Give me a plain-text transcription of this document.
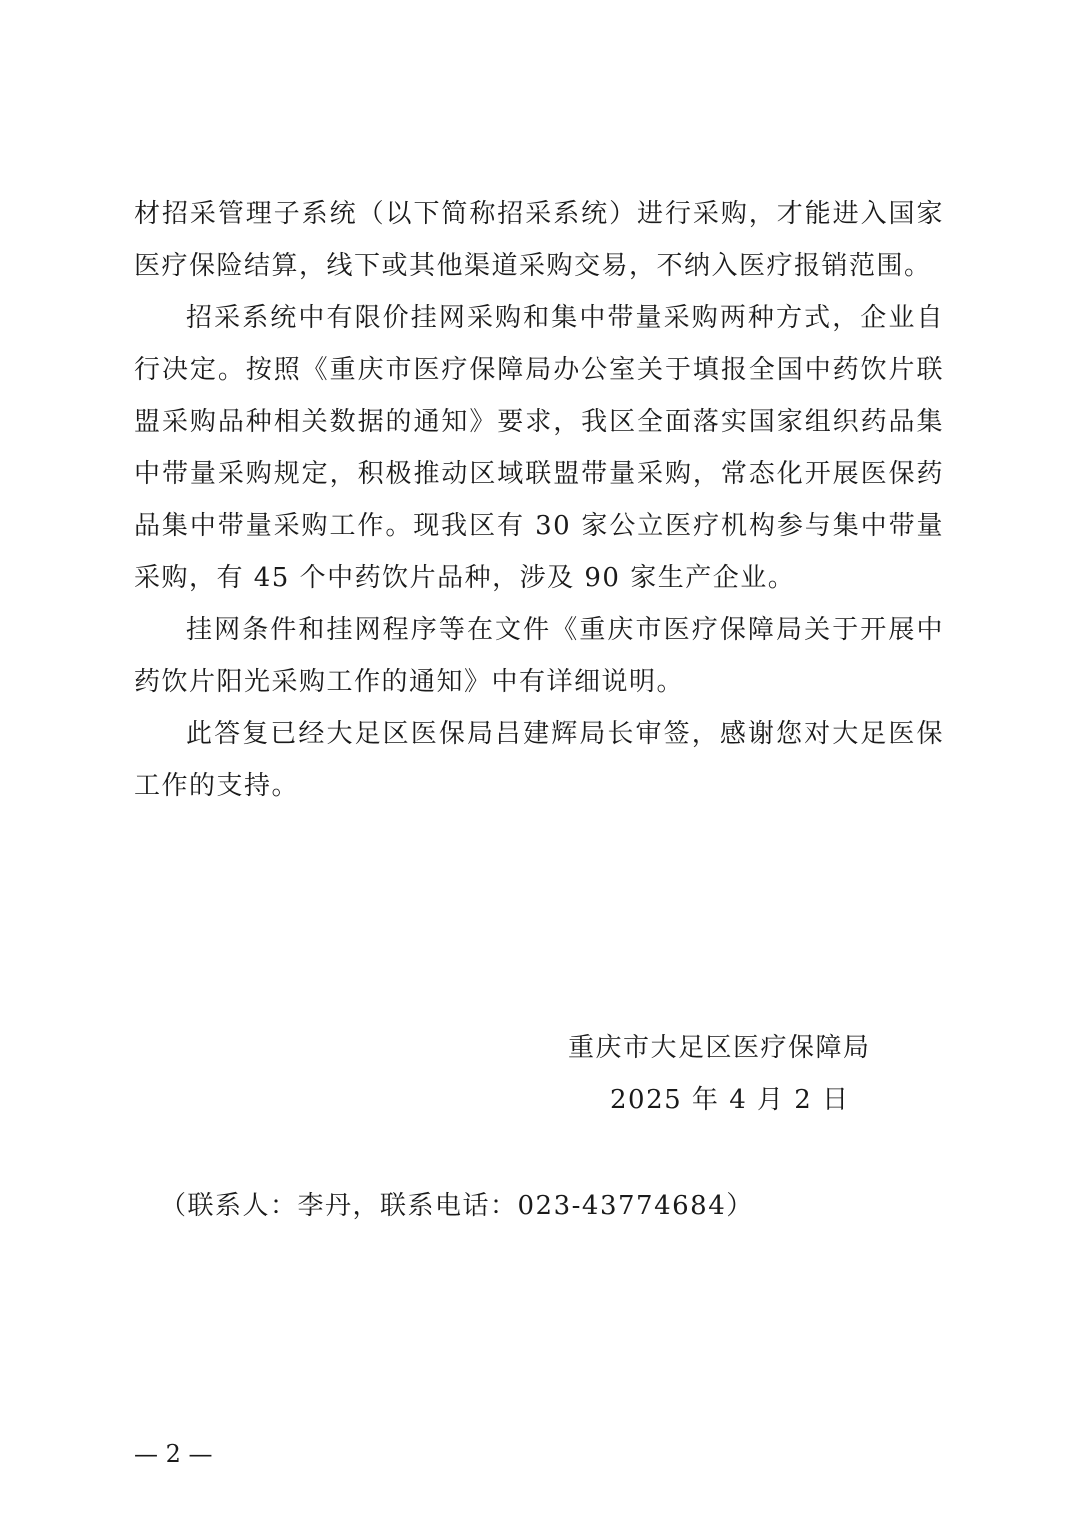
材招采管理子系统（以下简称招采系统）进行采购，才能进入国家医疗保险结算，线下或其他渠道采购交易，不纳入医疗报销范围。

招采系统中有限价挂网采购和集中带量采购两种方式，企业自行决定。按照《重庆市医疗保障局办公室关于填报全国中药饮片联盟采购品种相关数据的通知》要求，我区全面落实国家组织药品集中带量采购规定，积极推动区域联盟带量采购，常态化开展医保药品集中带量采购工作。现我区有 30 家公立医疗机构参与集中带量采购，有 45 个中药饮片品种，涉及 90 家生产企业。

挂网条件和挂网程序等在文件《重庆市医疗保障局关于开展中药饮片阳光采购工作的通知》中有详细说明。

此答复已经大足区医保局吕建辉局长审签，感谢您对大足医保工作的支持。

重庆市大足区医疗保障局
2025 年 4 月 2 日
（联系人：李丹，联系电话：023-43774684）
— 2 —
